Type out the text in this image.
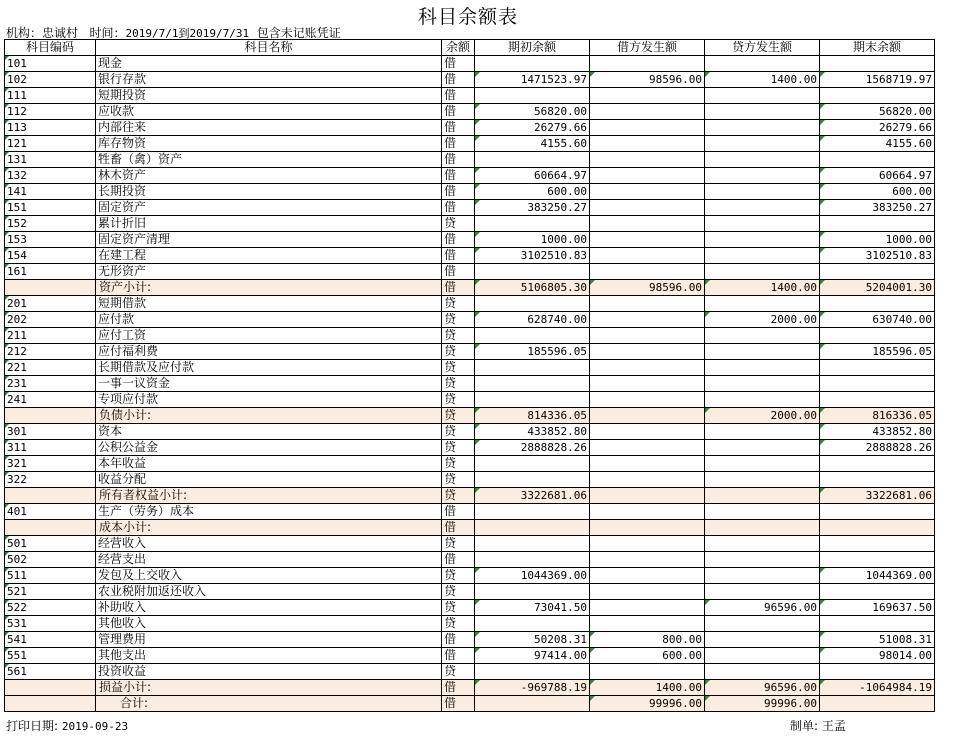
科目余额表
机构：忠诚村 时间：2019/7/1到2019/7/31 包含未记账凭证
科目编码	科目名称	余额	期初余额	借方发生额	贷方发生额	期末余额
101	现金	借				
102	银行存款	借	1471523.97	98596.00	1400.00	1568719.97
111	短期投资	借				
112	应收款	借	56820.00			56820.00
113	内部往来	借	26279.66			26279.66
121	库存物资	借	4155.60			4155.60
131	牲畜（禽）资产	借				
132	林木资产	借	60664.97			60664.97
141	长期投资	借	600.00			600.00
151	固定资产	借	383250.27			383250.27
152	累计折旧	贷				
153	固定资产清理	借	1000.00			1000.00
154	在建工程	借	3102510.83			3102510.83
161	无形资产	借				
	资产小计:	借	5106805.30	98596.00	1400.00	5204001.30
201	短期借款	贷				
202	应付款	贷	628740.00		2000.00	630740.00
211	应付工资	贷				
212	应付福利费	贷	185596.05			185596.05
221	长期借款及应付款	贷				
231	一事一议资金	贷				
241	专项应付款	贷				
	负债小计:	贷	814336.05		2000.00	816336.05
301	资本	贷	433852.80			433852.80
311	公积公益金	贷	2888828.26			2888828.26
321	本年收益	贷				
322	收益分配	贷				
	所有者权益小计:	贷	3322681.06			3322681.06
401	生产（劳务）成本	借				
	成本小计:	借				
501	经营收入	贷				
502	经营支出	借				
511	发包及上交收入	贷	1044369.00			1044369.00
521	农业税附加返还收入	贷				
522	补助收入	贷	73041.50		96596.00	169637.50
531	其他收入	贷				
541	管理费用	借	50208.31	800.00		51008.31
551	其他支出	借	97414.00	600.00		98014.00
561	投资收益	贷				
	损益小计:	借	-969788.19	1400.00	96596.00	-1064984.19
	合计:	借		99996.00	99996.00	
打印日期: 2019-09-23	制单: 王孟
